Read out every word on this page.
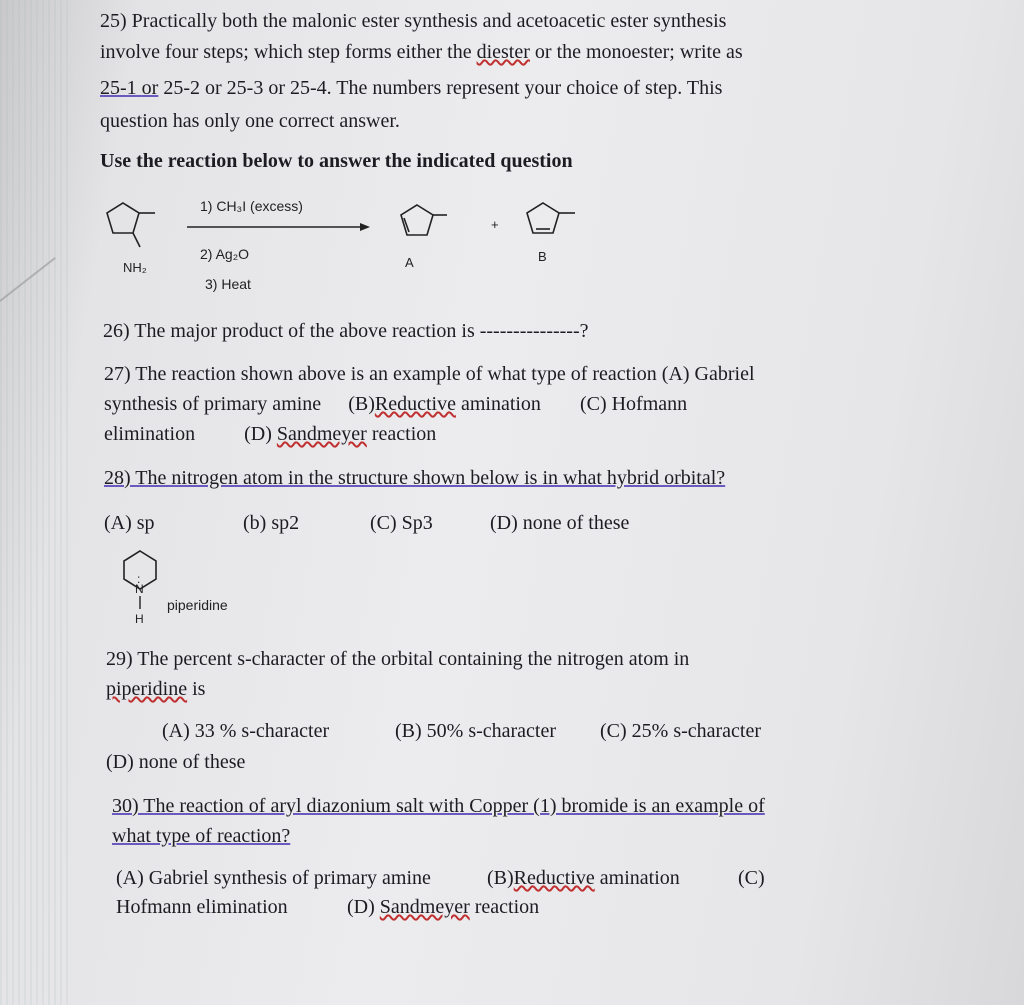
25) Practically both the malonic ester synthesis and acetoacetic ester synthesis
involve four steps; which step forms either the diester or the monoester; write as
25-1 or 25-2 or 25-3 or 25-4. The numbers represent your choice of step. This
question has only one correct answer.
Use the reaction below to answer the indicated question
NH₂
1) CH₃I (excess)
2) Ag₂O
3) Heat
A
+
B
26) The major product of the above reaction is ---------------?
27) The reaction shown above is an example of what type of reaction (A) Gabriel
synthesis of primary amine (B)Reductive amination (C) Hofmann
elimination (D) Sandmeyer reaction
28) The nitrogen atom in the structure shown below is in what hybrid orbital?
(A) sp	(b) sp2	(C) Sp3	(D) none of these
N
:
H
piperidine
29) The percent s-character of the orbital containing the nitrogen atom in
piperidine is
(A) 33 % s-character	(B) 50% s-character (C) 25% s-character
(D) none of these
30) The reaction of aryl diazonium salt with Copper (1) bromide is an example of
what type of reaction?
(A) Gabriel synthesis of primary amine	(B)Reductive amination	(C)
Hofmann elimination	(D) Sandmeyer reaction
